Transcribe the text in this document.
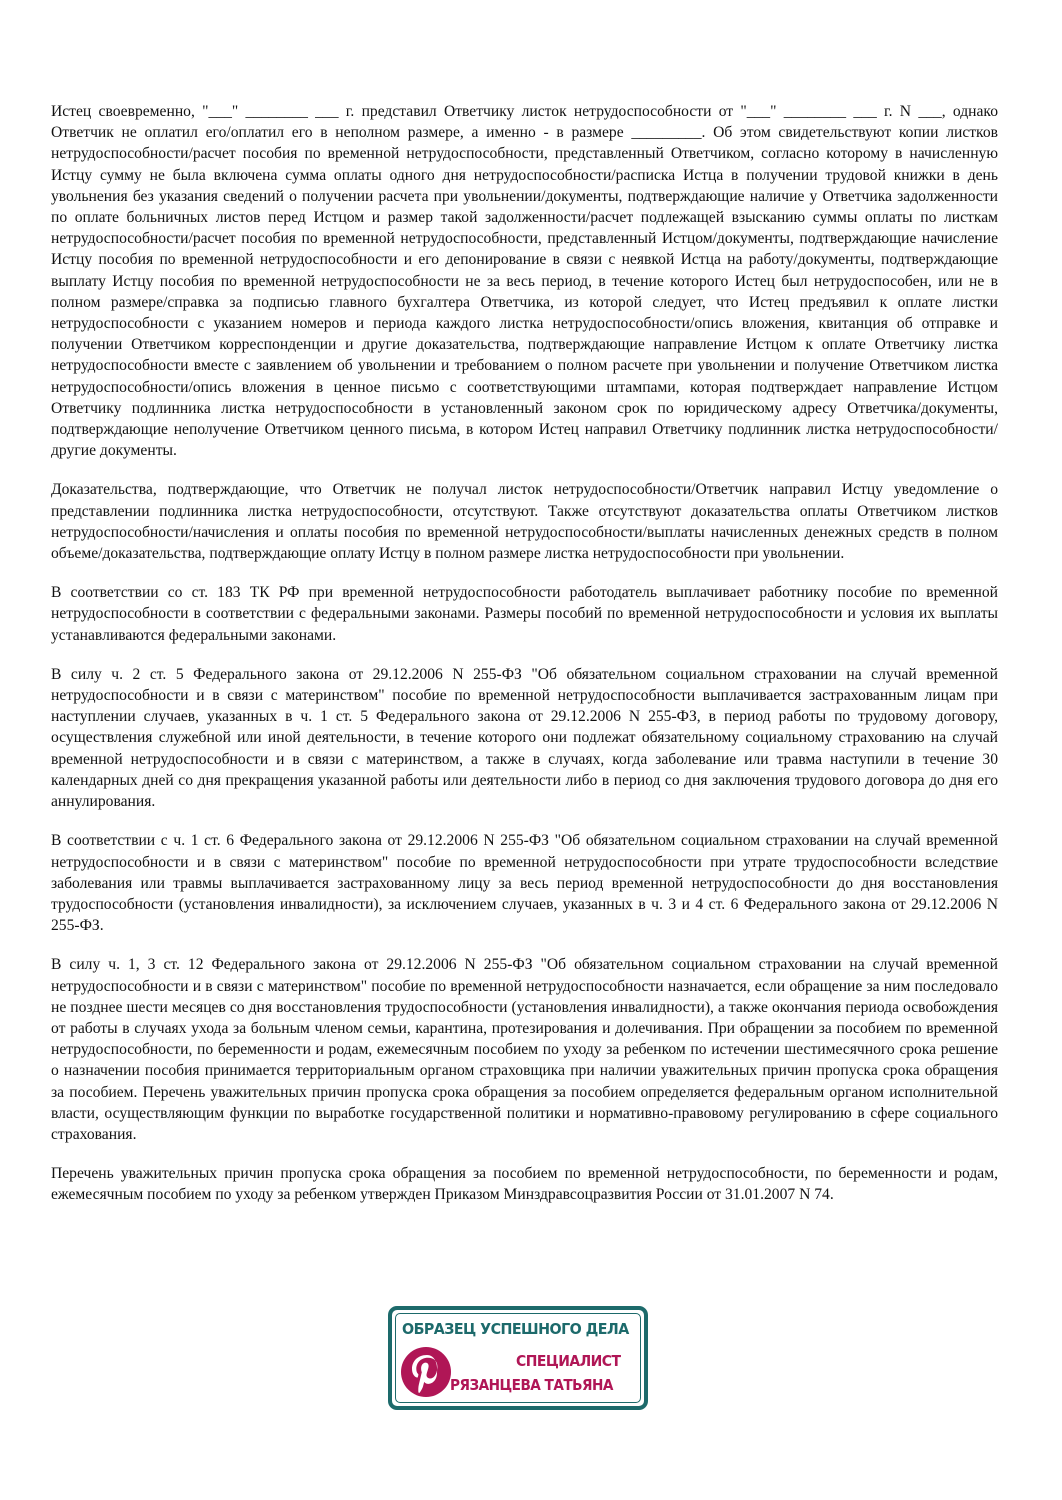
Истец своевременно, "___" ________ ___ г. представил Ответчику листок нетрудоспособности от "___" ________ ___ г. N ___, однако Ответчик не оплатил его/оплатил его в неполном размере, а именно - в размере _________. Об этом свидетельствуют копии листков нетрудоспособности/расчет пособия по временной нетрудоспособности, представленный Ответчиком, согласно которому в начисленную Истцу сумму не была включена сумма оплаты одного дня нетрудоспособности/расписка Истца в получении трудовой книжки в день увольнения без указания сведений о получении расчета при увольнении/документы, подтверждающие наличие у Ответчика задолженности по оплате больничных листов перед Истцом и размер такой задолженности/расчет подлежащей взысканию суммы оплаты по листкам нетрудоспособности/расчет пособия по временной нетрудоспособности, представленный Истцом/документы, подтверждающие начисление Истцу пособия по временной нетрудоспособности и его депонирование в связи с неявкой Истца на работу/документы, подтверждающие выплату Истцу пособия по временной нетрудоспособности не за весь период, в течение которого Истец был нетрудоспособен, или не в полном размере/справка за подписью главного бухгалтера Ответчика, из которой следует, что Истец предъявил к оплате листки нетрудоспособности с указанием номеров и периода каждого листка нетрудоспособности/опись вложения, квитанция об отправке и получении Ответчиком корреспонденции и другие доказательства, подтверждающие направление Истцом к оплате Ответчику листка нетрудоспособности вместе с заявлением об увольнении и требованием о полном расчете при увольнении и получение Ответчиком листка нетрудоспособности/опись вложения в ценное письмо с соответствующими штампами, которая подтверждает направление Истцом Ответчику подлинника листка нетрудоспособности в установленный законом срок по юридическому адресу Ответчика/документы, подтверждающие неполучение Ответчиком ценного письма, в котором Истец направил Ответчику подлинник листка нетрудоспособности/другие документы.

Доказательства, подтверждающие, что Ответчик не получал листок нетрудоспособности/Ответчик направил Истцу уведомление о представлении подлинника листка нетрудоспособности, отсутствуют. Также отсутствуют доказательства оплаты Ответчиком листков нетрудоспособности/начисления и оплаты пособия по временной нетрудоспособности/выплаты начисленных денежных средств в полном объеме/доказательства, подтверждающие оплату Истцу в полном размере листка нетрудоспособности при увольнении.

В соответствии со ст. 183 ТК РФ при временной нетрудоспособности работодатель выплачивает работнику пособие по временной нетрудоспособности в соответствии с федеральными законами. Размеры пособий по временной нетрудоспособности и условия их выплаты устанавливаются федеральными законами.

В силу ч. 2 ст. 5 Федерального закона от 29.12.2006 N 255-ФЗ "Об обязательном социальном страховании на случай временной нетрудоспособности и в связи с материнством" пособие по временной нетрудоспособности выплачивается застрахованным лицам при наступлении случаев, указанных в ч. 1 ст. 5 Федерального закона от 29.12.2006 N 255-ФЗ, в период работы по трудовому договору, осуществления служебной или иной деятельности, в течение которого они подлежат обязательному социальному страхованию на случай временной нетрудоспособности и в связи с материнством, а также в случаях, когда заболевание или травма наступили в течение 30 календарных дней со дня прекращения указанной работы или деятельности либо в период со дня заключения трудового договора до дня его аннулирования.

В соответствии с ч. 1 ст. 6 Федерального закона от 29.12.2006 N 255-ФЗ "Об обязательном социальном страховании на случай временной нетрудоспособности и в связи с материнством" пособие по временной нетрудоспособности при утрате трудоспособности вследствие заболевания или травмы выплачивается застрахованному лицу за весь период временной нетрудоспособности до дня восстановления трудоспособности (установления инвалидности), за исключением случаев, указанных в ч. 3 и 4 ст. 6 Федерального закона от 29.12.2006 N 255-ФЗ.

В силу ч. 1, 3 ст. 12 Федерального закона от 29.12.2006 N 255-ФЗ "Об обязательном социальном страховании на случай временной нетрудоспособности и в связи с материнством" пособие по временной нетрудоспособности назначается, если обращение за ним последовало не позднее шести месяцев со дня восстановления трудоспособности (установления инвалидности), а также окончания периода освобождения от работы в случаях ухода за больным членом семьи, карантина, протезирования и долечивания. При обращении за пособием по временной нетрудоспособности, по беременности и родам, ежемесячным пособием по уходу за ребенком по истечении шестимесячного срока решение о назначении пособия принимается территориальным органом страховщика при наличии уважительных причин пропуска срока обращения за пособием. Перечень уважительных причин пропуска срока обращения за пособием определяется федеральным органом исполнительной власти, осуществляющим функции по выработке государственной политики и нормативно-правовому регулированию в сфере социального страхования.

Перечень уважительных причин пропуска срока обращения за пособием по временной нетрудоспособности, по беременности и родам, ежемесячным пособием по уходу за ребенком утвержден Приказом Минздравсоцразвития России от 31.01.2007 N 74.

ОБРАЗЕЦ УСПЕШНОГО ДЕЛА
СПЕЦИАЛИСТ
РЯЗАНЦЕВА ТАТЬЯНА
